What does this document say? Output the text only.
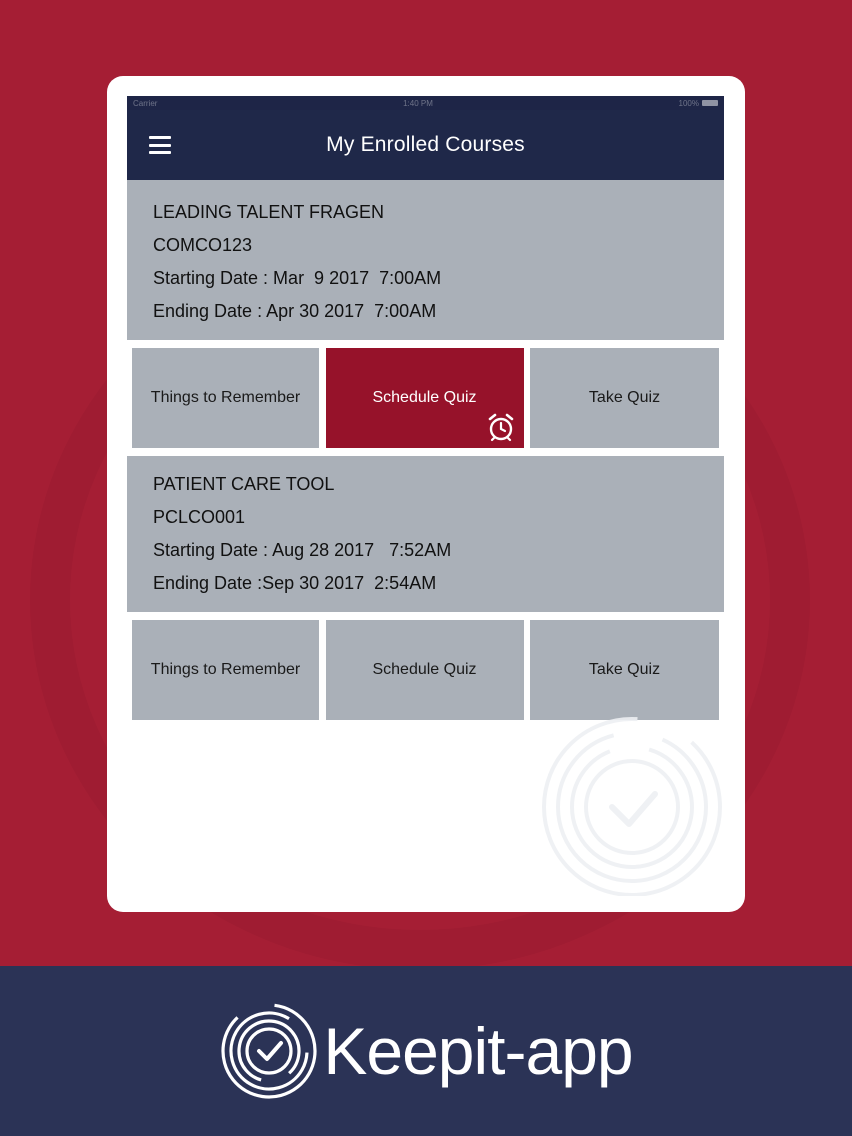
Carrier	1:40 PM	100%
My Enrolled Courses
LEADING TALENT FRAGEN
COMCO123
Starting Date : Mar  9 2017  7:00AM
Ending Date : Apr 30 2017  7:00AM
Things to Remember	Schedule Quiz	Take Quiz
PATIENT CARE TOOL
PCLCO001
Starting Date : Aug 28 2017   7:52AM
Ending Date :Sep 30 2017  2:54AM
Things to Remember	Schedule Quiz	Take Quiz
Keepit-app
